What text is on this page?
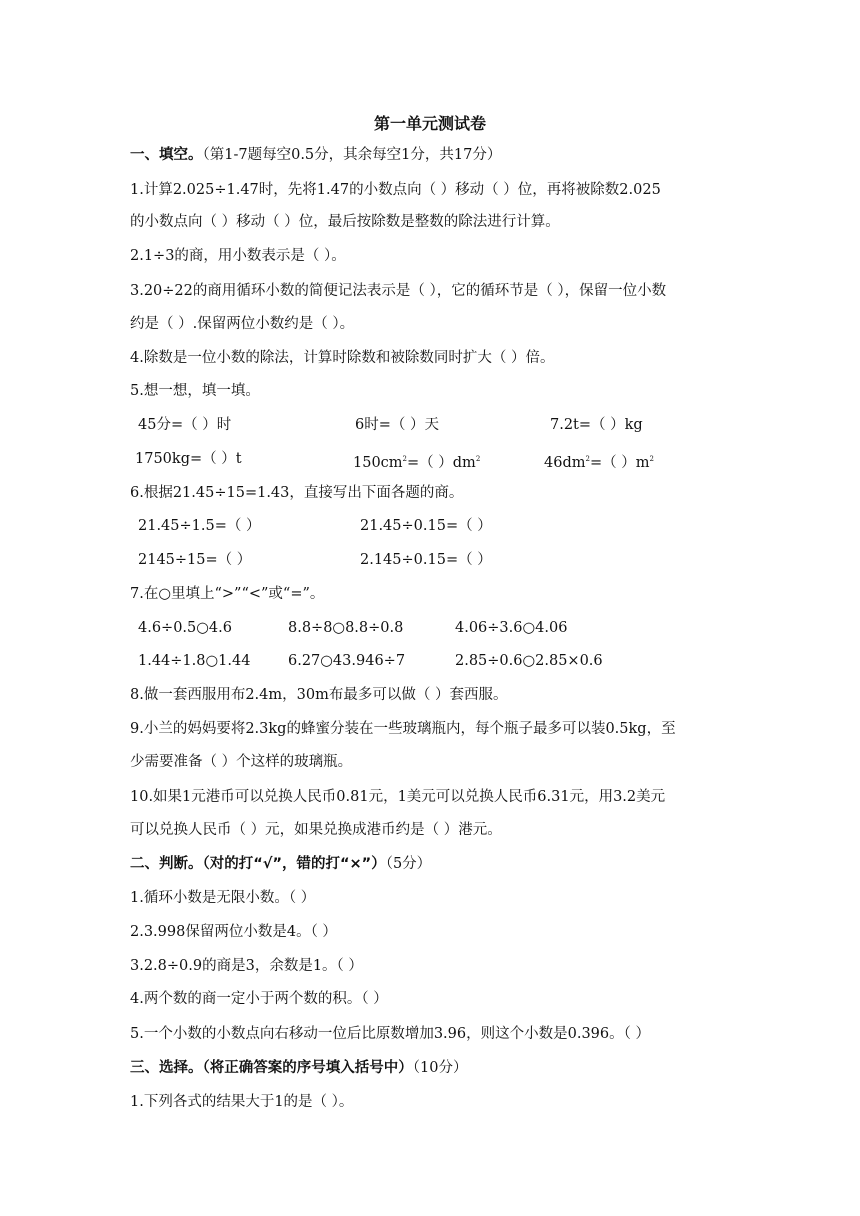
第一单元测试卷
一、填空。（第1-7题每空0.5分，其余每空1分，共17分）
1.计算2.025÷1.47时，先将1.47的小数点向（ ）移动（ ）位，再将被除数2.025
的小数点向（ ）移动（ ）位，最后按除数是整数的除法进行计算。
2.1÷3的商，用小数表示是（ ）。
3.20÷22的商用循环小数的简便记法表示是（ ），它的循环节是（ ），保留一位小数
约是（ ）.保留两位小数约是（ ）。
4.除数是一位小数的除法，计算时除数和被除数同时扩大（ ）倍。
5.想一想，填一填。
45分=（ ）时	6时=（ ）天	7.2t=（ ）kg
1750kg=（ ）t	$150cm^2=$（ ）$dm^2$	$46dm^2=$（ ）$m^2$
6.根据21.45÷15=1.43，直接写出下面各题的商。
21.45÷1.5=（ ）	21.45÷0.15=（ ）
2145÷15=（ ）	2.145÷0.15=（ ）
7.在○里填上“>”“<”或“=”。
4.6÷0.5○4.6	8.8÷8○8.8÷0.8	4.06÷3.6○4.06
1.44÷1.8○1.44	6.27○43.946÷7	2.85÷0.6○2.85×0.6
8.做一套西服用布2.4m，30m布最多可以做（ ）套西服。
9.小兰的妈妈要将2.3kg的蜂蜜分装在一些玻璃瓶内，每个瓶子最多可以装0.5kg，至
少需要准备（ ）个这样的玻璃瓶。
10.如果1元港币可以兑换人民币0.81元，1美元可以兑换人民币6.31元，用3.2美元
可以兑换人民币（ ）元，如果兑换成港币约是（ ）港元。
二、判断。（对的打“√”，错的打“×”）（5分）
1.循环小数是无限小数。（ ）
2.3.998保留两位小数是4。（ ）
3.2.8÷0.9的商是3，余数是1。（ ）
4.两个数的商一定小于两个数的积。（ ）
5.一个小数的小数点向右移动一位后比原数增加3.96，则这个小数是0.396。（ ）
三、选择。（将正确答案的序号填入括号中）（10分）
1.下列各式的结果大于1的是（ ）。
